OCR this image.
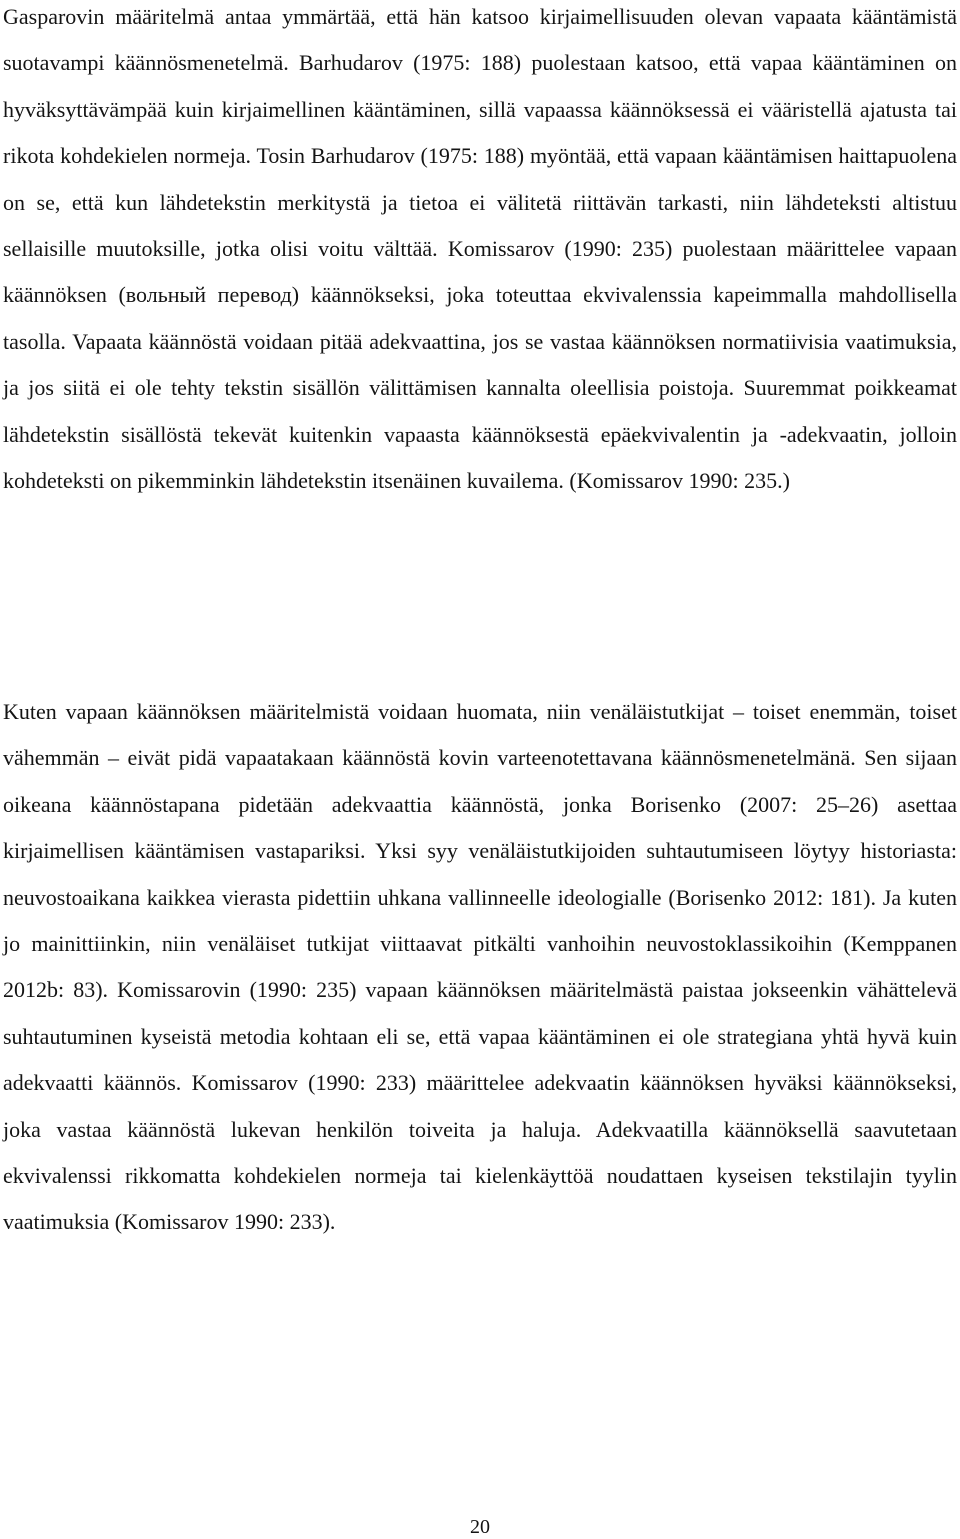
Gasparovin määritelmä antaa ymmärtää, että hän katsoo kirjaimellisuuden olevan vapaata kääntämistä suotavampi käännösmenetelmä. Barhudarov (1975: 188) puolestaan katsoo, että vapaa kääntäminen on hyväksyttävämpää kuin kirjaimellinen kääntäminen, sillä vapaassa käännöksessä ei vääristellä ajatusta tai rikota kohdekielen normeja. Tosin Barhudarov (1975: 188) myöntää, että vapaan kääntämisen haittapuolena on se, että kun lähdetekstin merkitystä ja tietoa ei välitetä riittävän tarkasti, niin lähdeteksti altistuu sellaisille muutoksille, jotka olisi voitu välttää. Komissarov (1990: 235) puolestaan määrittelee vapaan käännöksen (вольный перевод) käännökseksi, joka toteuttaa ekvivalenssia kapeimmalla mahdollisella tasolla. Vapaata käännöstä voidaan pitää adekvaattina, jos se vastaa käännöksen normatiivisia vaatimuksia, ja jos siitä ei ole tehty tekstin sisällön välittämisen kannalta oleellisia poistoja. Suuremmat poikkeamat lähdetekstin sisällöstä tekevät kuitenkin vapaasta käännöksestä epäekvivalentin ja -adekvaatin, jolloin kohdeteksti on pikemminkin lähdetekstin itsenäinen kuvailema. (Komissarov 1990: 235.)

Kuten vapaan käännöksen määritelmistä voidaan huomata, niin venäläistutkijat – toiset enemmän, toiset vähemmän – eivät pidä vapaatakaan käännöstä kovin varteenotettavana käännösmenetelmänä. Sen sijaan oikeana käännöstapana pidetään adekvaattia käännöstä, jonka Borisenko (2007: 25–26) asettaa kirjaimellisen kääntämisen vastapariksi. Yksi syy venäläistutkijoiden suhtautumiseen löytyy historiasta: neuvostoaikana kaikkea vierasta pidettiin uhkana vallinneelle ideologialle (Borisenko 2012: 181). Ja kuten jo mainittiinkin, niin venäläiset tutkijat viittaavat pitkälti vanhoihin neuvostoklassikoihin (Kemppanen 2012b: 83). Komissarovin (1990: 235) vapaan käännöksen määritelmästä paistaa jokseenkin vähättelevä suhtautuminen kyseistä metodia kohtaan eli se, että vapaa kääntäminen ei ole strategiana yhtä hyvä kuin adekvaatti käännös. Komissarov (1990: 233) määrittelee adekvaatin käännöksen hyväksi käännökseksi, joka vastaa käännöstä lukevan henkilön toiveita ja haluja. Adekvaatilla käännöksellä saavutetaan ekvivalenssi rikkomatta kohdekielen normeja tai kielenkäyttöä noudattaen kyseisen tekstilajin tyylin vaatimuksia (Komissarov 1990: 233).

20
